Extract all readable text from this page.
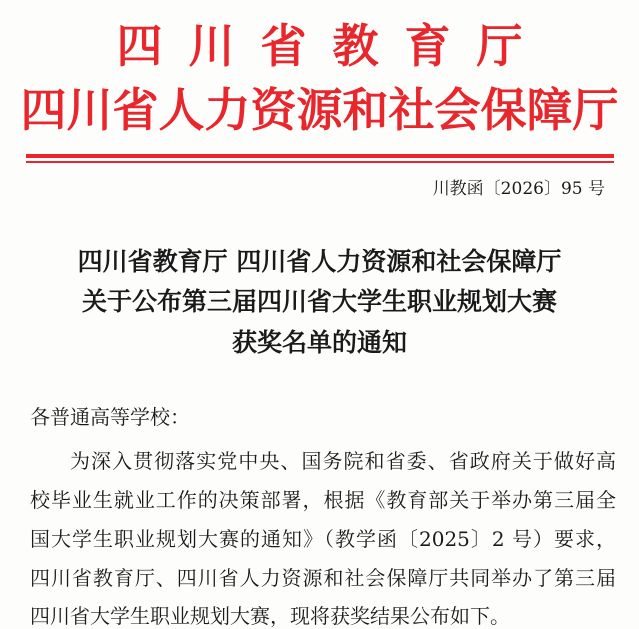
四川省教育厅
四川省人力资源和社会保障厅
川教函〔2026〕95 号
四川省教育厅 四川省人力资源和社会保障厅
关于公布第三届四川省大学生职业规划大赛
获奖名单的通知
各普通高等学校：
为深入贯彻落实党中央、国务院和省委、省政府关于做好高
校毕业生就业工作的决策部署，根据《教育部关于举办第三届全
国大学生职业规划大赛的通知》（教学函〔2025〕2 号）要求，
四川省教育厅、四川省人力资源和社会保障厅共同举办了第三届
四川省大学生职业规划大赛，现将获奖结果公布如下。
